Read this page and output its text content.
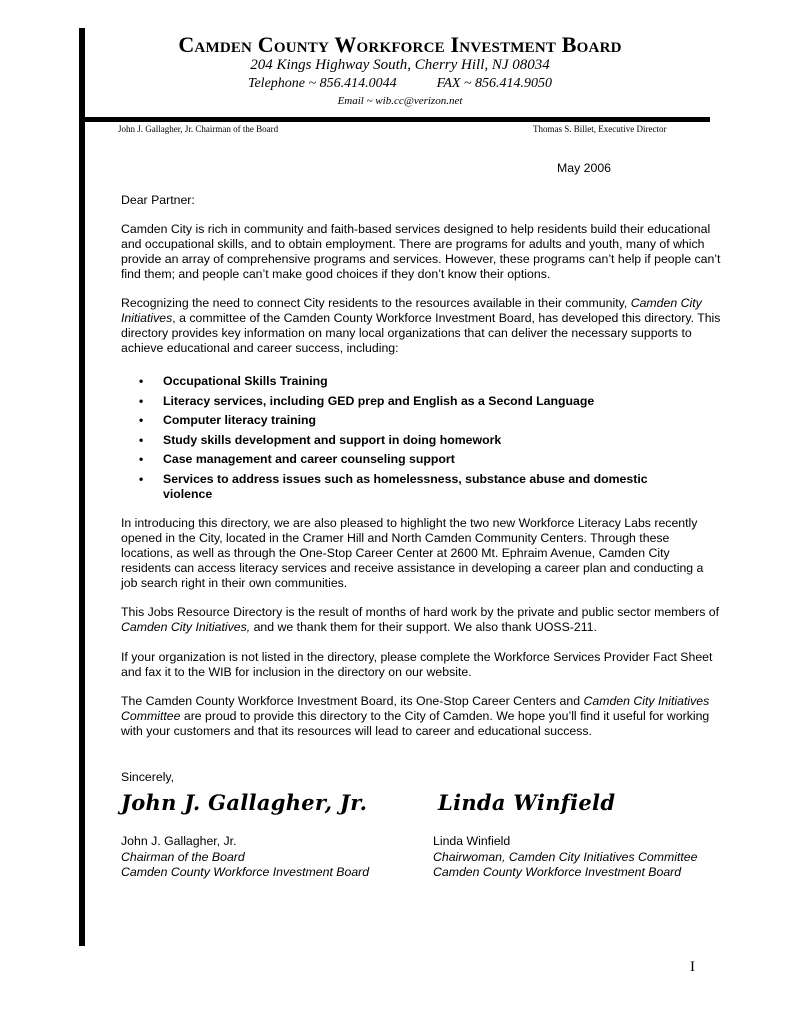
Camden County Workforce Investment Board
204 Kings Highway South, Cherry Hill, NJ 08034
Telephone ~ 856.414.0044	FAX ~ 856.414.9050
Email ~ wib.cc@verizon.net
John J. Gallagher, Jr. Chairman of the Board	Thomas S. Billet, Executive Director
May 2006
Dear Partner:

Camden City is rich in community and faith-based services designed to help residents build their educational and occupational skills, and to obtain employment. There are programs for adults and youth, many of which provide an array of comprehensive programs and services. However, these programs can’t help if people can’t find them; and people can’t make good choices if they don’t know their options.

Recognizing the need to connect City residents to the resources available in their community, Camden City Initiatives, a committee of the Camden County Workforce Investment Board, has developed this directory. This directory provides key information on many local organizations that can deliver the necessary supports to achieve educational and career success, including:

• Occupational Skills Training
• Literacy services, including GED prep and English as a Second Language
• Computer literacy training
• Study skills development and support in doing homework
• Case management and career counseling support
• Services to address issues such as homelessness, substance abuse and domestic violence

In introducing this directory, we are also pleased to highlight the two new Workforce Literacy Labs recently opened in the City, located in the Cramer Hill and North Camden Community Centers. Through these locations, as well as through the One-Stop Career Center at 2600 Mt. Ephraim Avenue, Camden City residents can access literacy services and receive assistance in developing a career plan and conducting a job search right in their own communities.

This Jobs Resource Directory is the result of months of hard work by the private and public sector members of Camden City Initiatives, and we thank them for their support. We also thank UOSS-211.

If your organization is not listed in the directory, please complete the Workforce Services Provider Fact Sheet and fax it to the WIB for inclusion in the directory on our website.

The Camden County Workforce Investment Board, its One-Stop Career Centers and Camden City Initiatives Committee are proud to provide this directory to the City of Camden. We hope you’ll find it useful for working with your customers and that its resources will lead to career and educational success.

Sincerely,
John J. Gallagher, Jr.	Linda Winfield
John J. Gallagher, Jr.
Chairman of the Board
Camden County Workforce Investment Board
Linda Winfield
Chairwoman, Camden City Initiatives Committee
Camden County Workforce Investment Board
I
